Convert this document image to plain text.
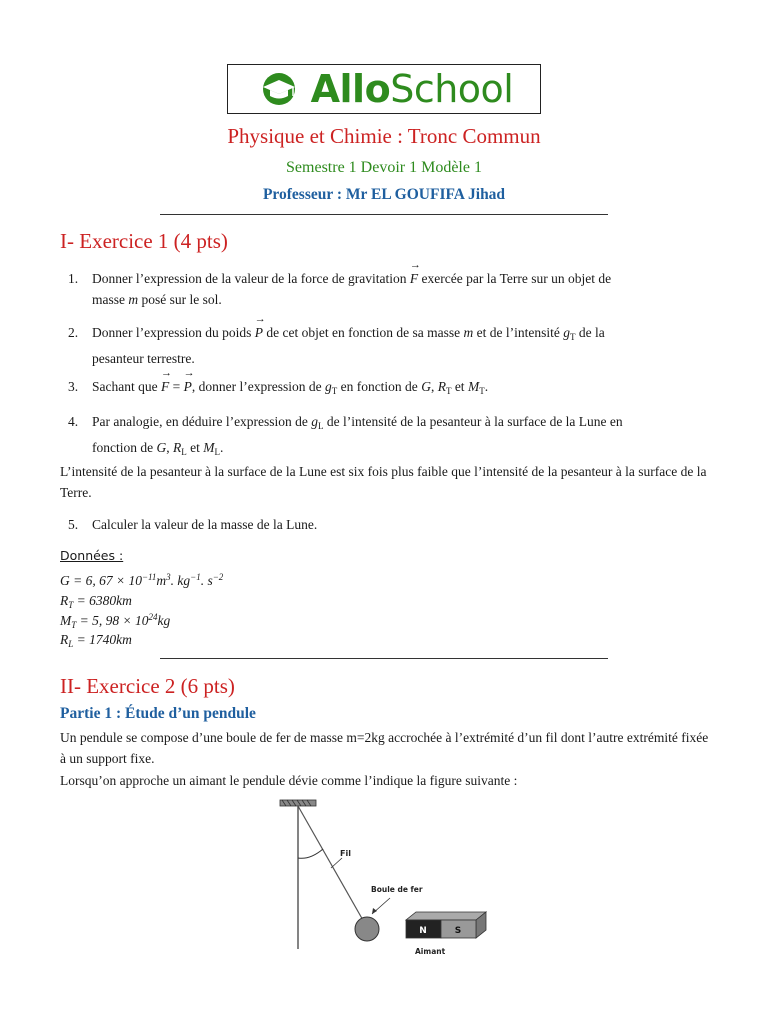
AlloSchool
Physique et Chimie : Tronc Commun
Semestre 1 Devoir 1 Modèle 1
Professeur : Mr EL GOUFIFA Jihad
I- Exercice 1 (4 pts)
1. Donner l’expression de la valeur de la force de gravitation → F exercée par la Terre sur un objet de
masse m posé sur le sol.
2. Donner l’expression du poids → P de cet objet en fonction de sa masse m et de l’intensité $g_T$ de la
pesanteur terrestre.
3. Sachant que → F = → P, donner l’expression de $g_T$ en fonction de G, $R_T$ et $M_T$.
4. Par analogie, en déduire l’expression de $g_L$ de l’intensité de la pesanteur à la surface de la Lune en
fonction de G, $R_L$ et $M_L$.
L’intensité de la pesanteur à la surface de la Lune est six fois plus faible que l’intensité de la pesanteur à la surface de la Terre.
5. Calculer la valeur de la masse de la Lune.
Données :
G = 6, $67 \times 10^{-11}m^3$. $kg^{-1}$. $s^{-2}$
$R_T = 6380km$
$M_T = 5$, $98 \times 10^{24}kg$
$R_L = 1740km$
II- Exercice 2 (6 pts)
Partie 1 : Étude d’un pendule
Un pendule se compose d’une boule de fer de masse m=2kg accrochée à l’extrémité d’un fil dont l’autre extrémité fixée à un support fixe.
Lorsqu’on approche un aimant le pendule dévie comme l’indique la figure suivante :
Fil
Boule de fer
N	S
Aimant
